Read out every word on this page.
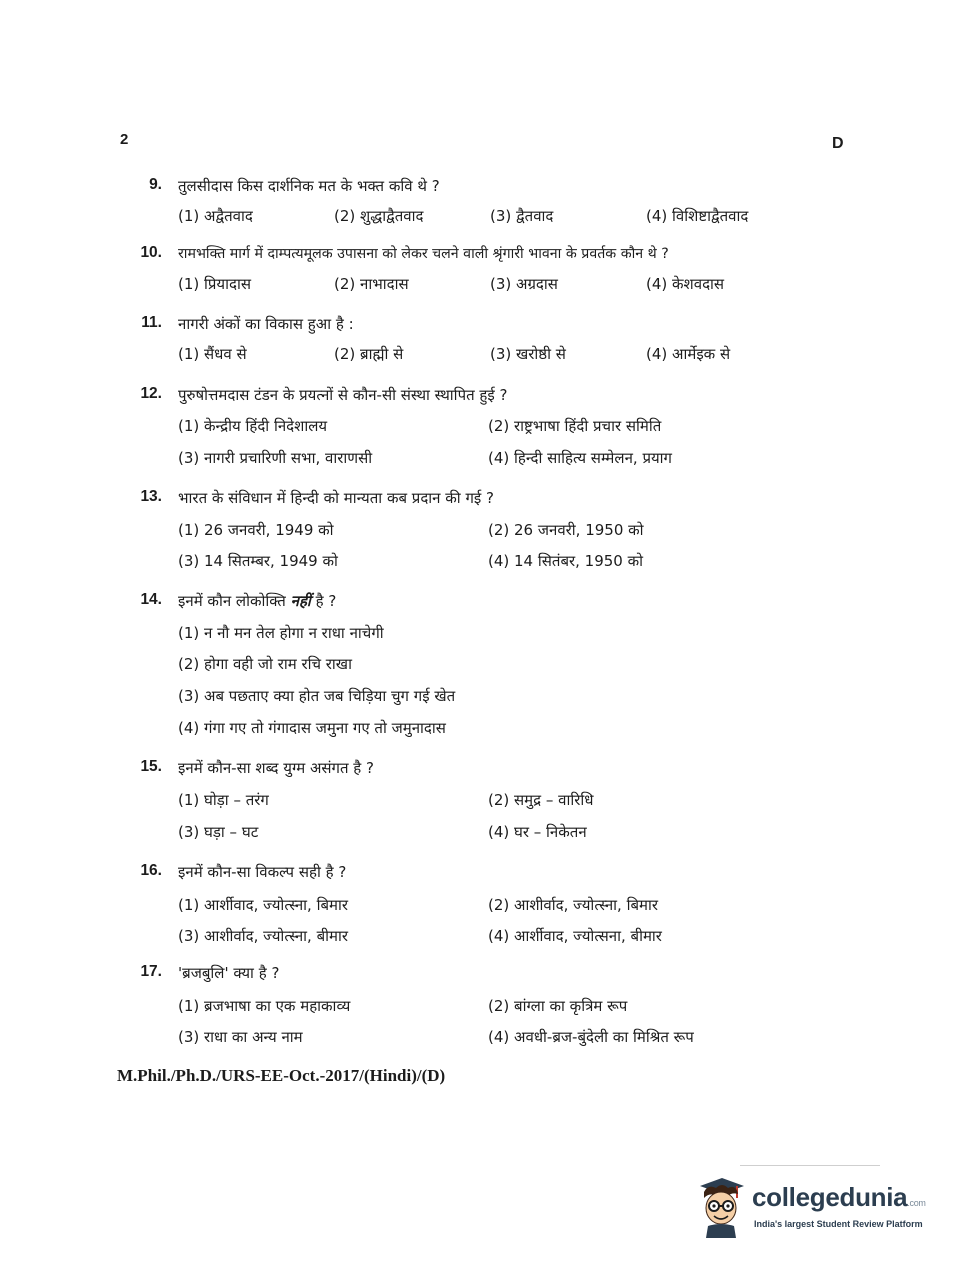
2	D
9. तुलसीदास किस दार्शनिक मत के भक्त कवि थे ?
(1) अद्वैतवाद	(2) शुद्धाद्वैतवाद	(3) द्वैतवाद	(4) विशिष्टाद्वैतवाद
10. रामभक्ति मार्ग में दाम्पत्यमूलक उपासना को लेकर चलने वाली श्रृंगारी भावना के प्रवर्तक कौन थे ?
(1) प्रियादास	(2) नाभादास	(3) अग्रदास	(4) केशवदास
11. नागरी अंकों का विकास हुआ है :
(1) सैंधव से	(2) ब्राह्मी से	(3) खरोष्ठी से	(4) आर्मेइक से
12. पुरुषोत्तमदास टंडन के प्रयत्नों से कौन-सी संस्था स्थापित हुई ?
(1) केन्द्रीय हिंदी निदेशालय	(2) राष्ट्रभाषा हिंदी प्रचार समिति
(3) नागरी प्रचारिणी सभा, वाराणसी	(4) हिन्दी साहित्य सम्मेलन, प्रयाग
13. भारत के संविधान में हिन्दी को मान्यता कब प्रदान की गई ?
(1) 26 जनवरी, 1949 को	(2) 26 जनवरी, 1950 को
(3) 14 सितम्बर, 1949 को	(4) 14 सितंबर, 1950 को
14. इनमें कौन लोकोक्ति नहीं है ?
(1) न नौ मन तेल होगा न राधा नाचेगी
(2) होगा वही जो राम रचि राखा
(3) अब पछताए क्या होत जब चिड़िया चुग गई खेत
(4) गंगा गए तो गंगादास जमुना गए तो जमुनादास
15. इनमें कौन-सा शब्द युग्म असंगत है ?
(1) घोड़ा – तरंग	(2) समुद्र – वारिधि
(3) घड़ा – घट	(4) घर – निकेतन
16. इनमें कौन-सा विकल्प सही है ?
(1) आर्शीवाद, ज्योत्स्ना, बिमार	(2) आशीर्वाद, ज्योत्स्ना, बिमार
(3) आशीर्वाद, ज्योत्स्ना, बीमार	(4) आर्शीवाद, ज्योत्सना, बीमार
17. 'ब्रजबुलि' क्या है ?
(1) ब्रजभाषा का एक महाकाव्य	(2) बांग्ला का कृत्रिम रूप
(3) राधा का अन्य नाम	(4) अवधी-ब्रज-बुंदेली का मिश्रित रूप
M.Phil./Ph.D./URS-EE-Oct.-2017/(Hindi)/(D)
collegedunia.com
India's largest Student Review Platform
